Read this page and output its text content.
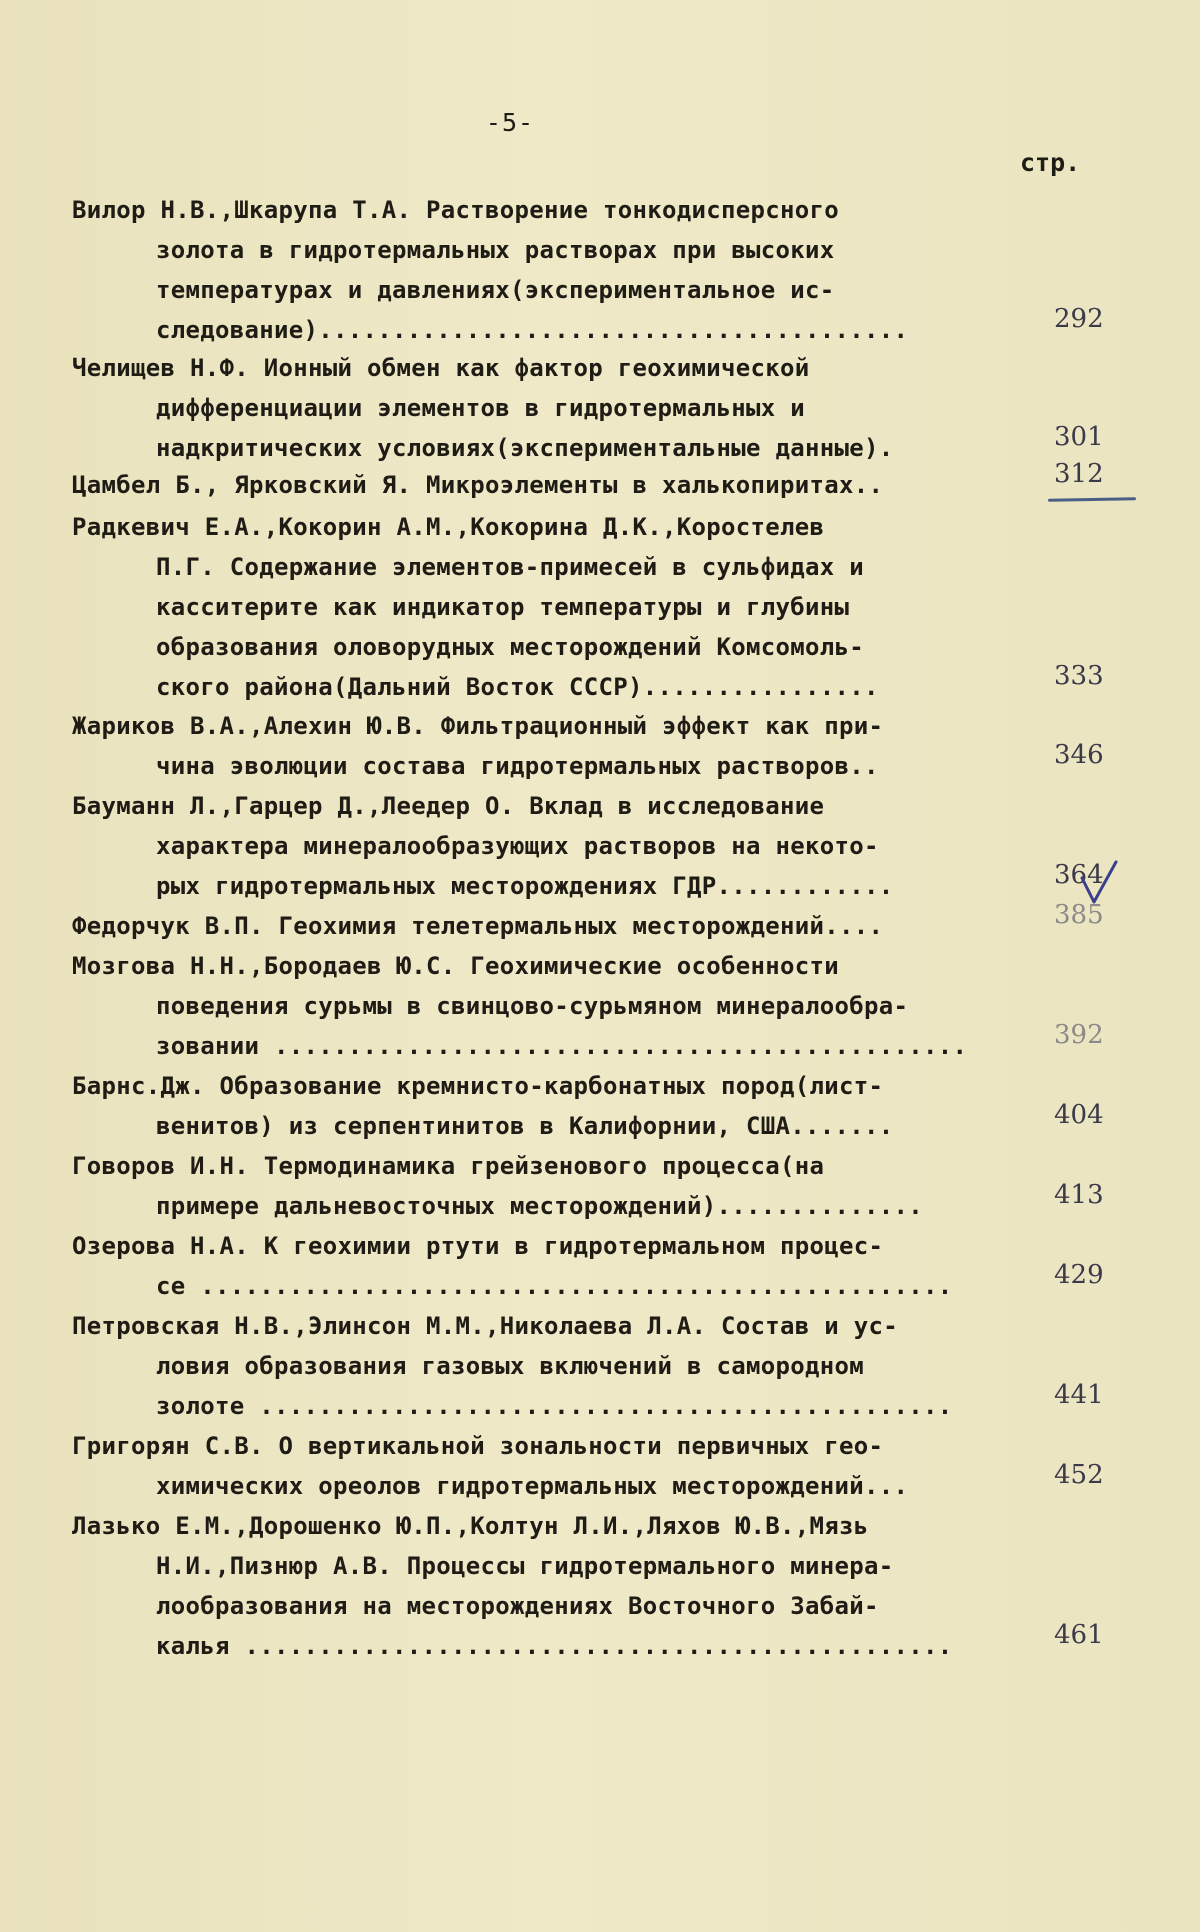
-5-
стр.
Вилор Н.В.,Шкарупа Т.А. Растворение тонкодисперсного
золота в гидротермальных растворах при высоких
температурах и давлениях(экспериментальное ис-
следование)........................................	292
Челищев Н.Ф. Ионный обмен как фактор геохимической
дифференциации элементов в гидротермальных и
надкритических условиях(экспериментальные данные).	301
Цамбел Б., Ярковский Я. Микроэлементы в халькопиритах..	312
Радкевич Е.А.,Кокорин А.М.,Кокорина Д.К.,Коростелев
П.Г. Содержание элементов-примесей в сульфидах и
касситерите как индикатор температуры и глубины
образования оловорудных месторождений Комсомоль-
ского района(Дальний Восток СССР)................	333
Жариков В.А.,Алехин Ю.В. Фильтрационный эффект как при-
чина эволюции состава гидротермальных растворов..	346
Бауманн Л.,Гарцер Д.,Леедер О. Вклад в исследование
характера минералообразующих растворов на некото-
рых гидротермальных месторождениях ГДР............	364
Федорчук В.П. Геохимия телетермальных месторождений....	385
Мозгова Н.Н.,Бородаев Ю.С. Геохимические особенности
поведения сурьмы в свинцово-сурьмяном минералообра-
зовании ...............................................	392
Барнс.Дж. Образование кремнисто-карбонатных пород(лист-
венитов) из серпентинитов в Калифорнии, США.......	404
Говоров И.Н. Термодинамика грейзенового процесса(на
примере дальневосточных месторождений)..............	413
Озерова Н.А. К геохимии ртути в гидротермальном процес-
се ...................................................	429
Петровская Н.В.,Элинсон М.М.,Николаева Л.А. Состав и ус-
ловия образования газовых включений в самородном
золоте ...............................................	441
Григорян С.В. О вертикальной зональности первичных гео-
химических ореолов гидротермальных месторождений...	452
Лазько Е.М.,Дорошенко Ю.П.,Колтун Л.И.,Ляхов Ю.В.,Мязь
Н.И.,Пизнюр А.В. Процессы гидротермального минера-
лообразования на месторождениях Восточного Забай-
калья ................................................	461
